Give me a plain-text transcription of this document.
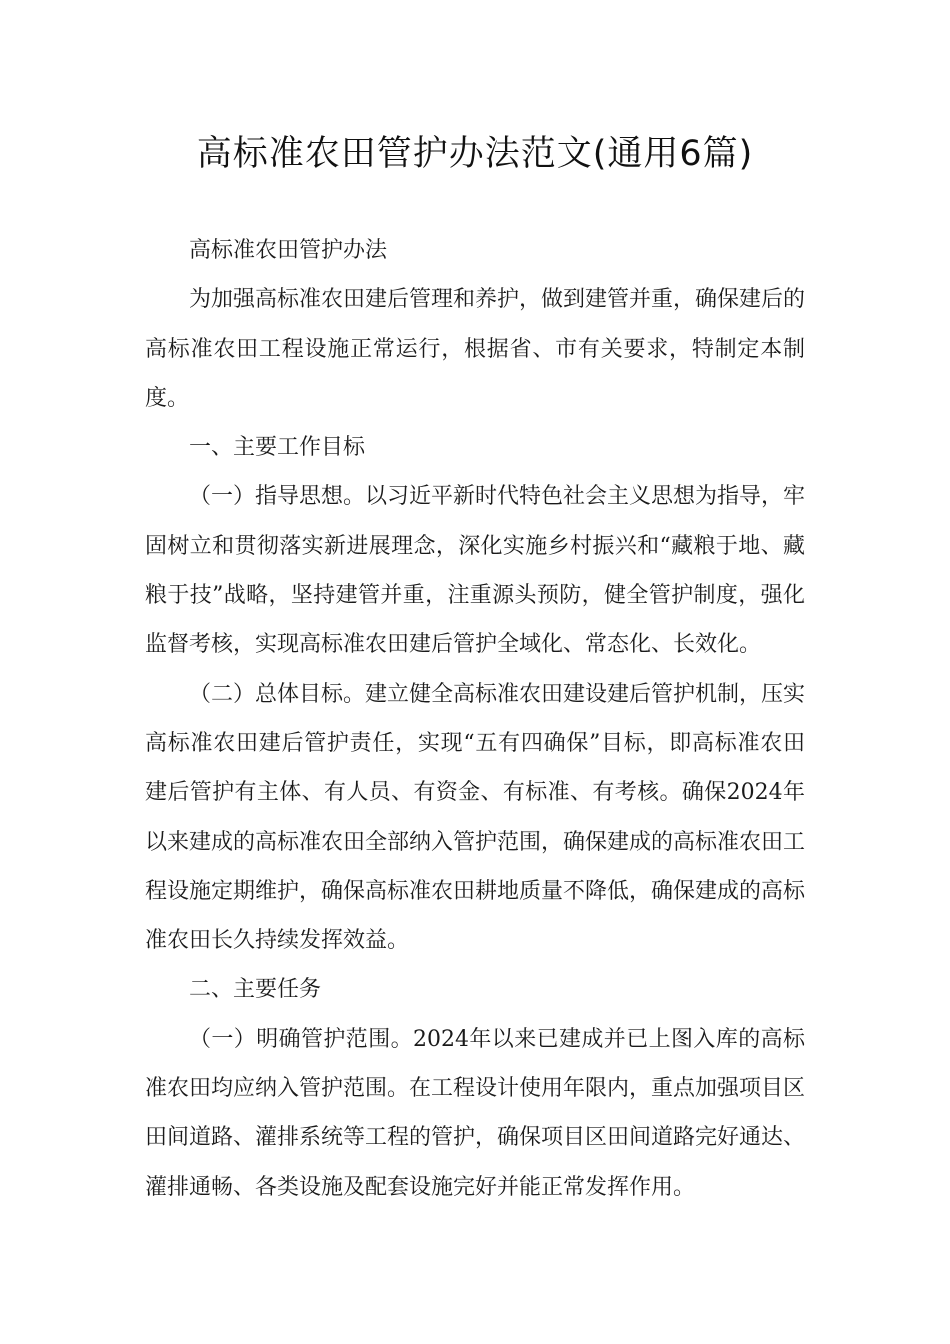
高标准农田管护办法范文(通用6篇)

高标准农田管护办法

为加强高标准农田建后管理和养护，做到建管并重，确保建后的高标准农田工程设施正常运行，根据省、市有关要求，特制定本制度。

一、主要工作目标

（一）指导思想。以习近平新时代特色社会主义思想为指导，牢固树立和贯彻落实新进展理念，深化实施乡村振兴和“藏粮于地、藏粮于技”战略，坚持建管并重，注重源头预防，健全管护制度，强化监督考核，实现高标准农田建后管护全域化、常态化、长效化。

（二）总体目标。建立健全高标准农田建设建后管护机制，压实高标准农田建后管护责任，实现“五有四确保”目标，即高标准农田建后管护有主体、有人员、有资金、有标准、有考核。确保2024年以来建成的高标准农田全部纳入管护范围，确保建成的高标准农田工程设施定期维护，确保高标准农田耕地质量不降低，确保建成的高标准农田长久持续发挥效益。

二、主要任务

（一）明确管护范围。2024年以来已建成并已上图入库的高标准农田均应纳入管护范围。在工程设计使用年限内，重点加强项目区田间道路、灌排系统等工程的管护，确保项目区田间道路完好通达、灌排通畅、各类设施及配套设施完好并能正常发挥作用。
